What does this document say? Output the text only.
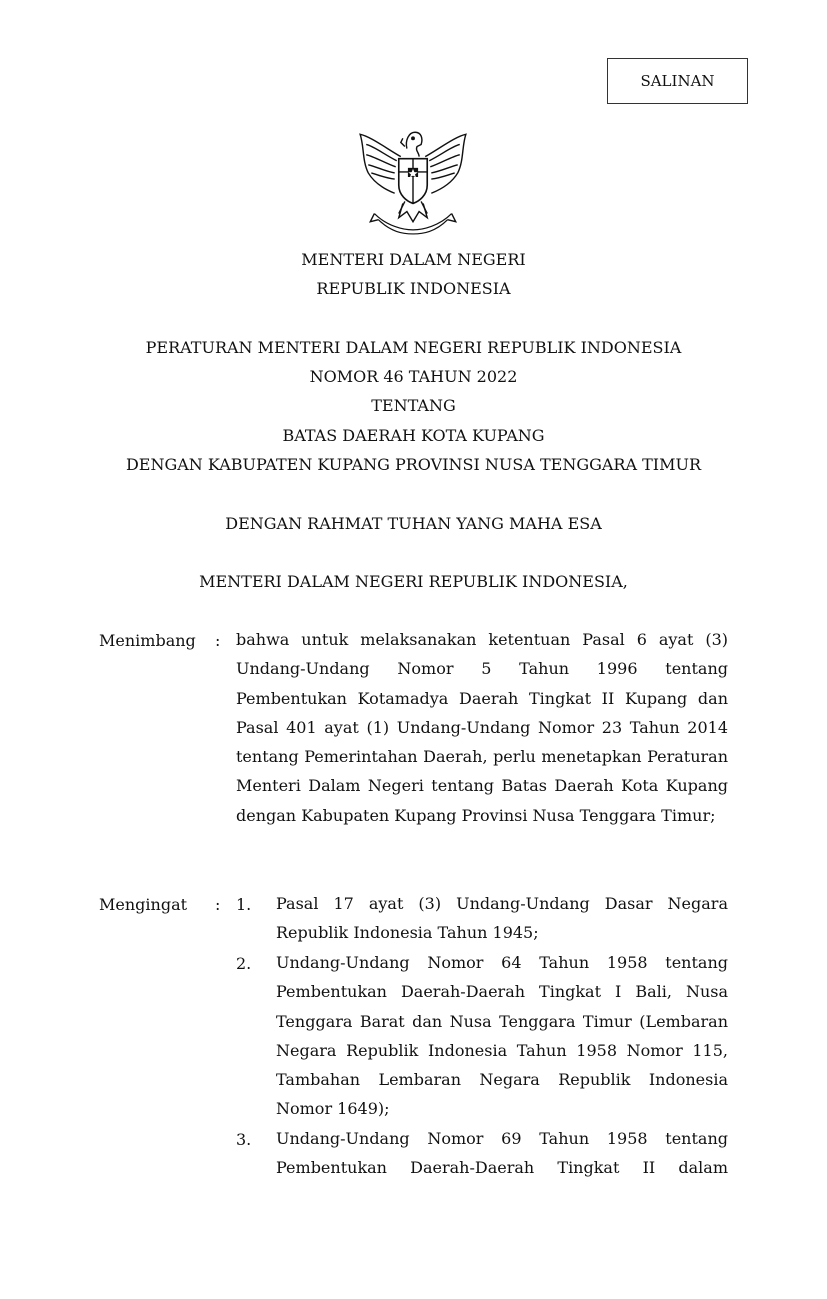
SALINAN
MENTERI DALAM NEGERI
REPUBLIK INDONESIA
PERATURAN MENTERI DALAM NEGERI REPUBLIK INDONESIA
NOMOR 46 TAHUN 2022
TENTANG
BATAS DAERAH KOTA KUPANG
DENGAN KABUPATEN KUPANG PROVINSI NUSA TENGGARA TIMUR
DENGAN RAHMAT TUHAN YANG MAHA ESA
MENTERI DALAM NEGERI REPUBLIK INDONESIA,
Menimbang : bahwa untuk melaksanakan ketentuan Pasal 6 ayat (3) Undang-Undang Nomor 5 Tahun 1996 tentang Pembentukan Kotamadya Daerah Tingkat II Kupang dan Pasal 401 ayat (1) Undang-Undang Nomor 23 Tahun 2014 tentang Pemerintahan Daerah, perlu menetapkan Peraturan Menteri Dalam Negeri tentang Batas Daerah Kota Kupang dengan Kabupaten Kupang Provinsi Nusa Tenggara Timur;

Mengingat : 1. Pasal 17 ayat (3) Undang-Undang Dasar Negara Republik Indonesia Tahun 1945;

2. Undang-Undang Nomor 64 Tahun 1958 tentang Pembentukan Daerah-Daerah Tingkat I Bali, Nusa Tenggara Barat dan Nusa Tenggara Timur (Lembaran Negara Republik Indonesia Tahun 1958 Nomor 115, Tambahan Lembaran Negara Republik Indonesia Nomor 1649);

3. Undang-Undang Nomor 69 Tahun 1958 tentang Pembentukan Daerah-Daerah Tingkat II dalam
